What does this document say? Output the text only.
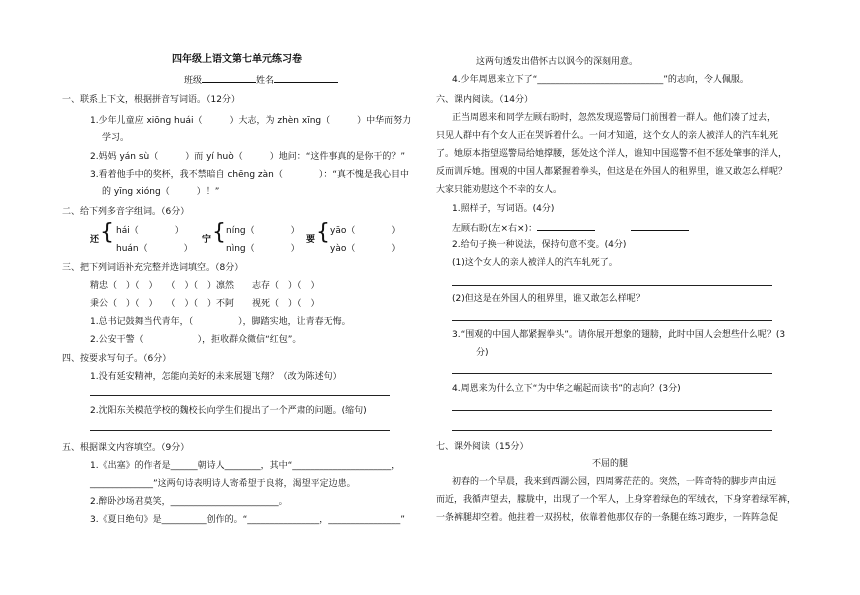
四年级上语文第七单元练习卷
班级	姓名
一、联系上下文，根据拼音写词语。（12分）
1.少年儿童应 xiōng huái（　　　）大志，为 zhèn xīng（　　　）中华而努力
学习。
2.妈妈 yán sù（　　　）而 yí huò（　　　）地问：“这件事真的是你干的？”
3.看着他手中的奖杯，我不禁暗自 chēng zàn（　　　　）：“真不愧是我心目中
的 yīng xióng（　　　）！”
二、给下列多音字组词。（6分）
还 { hái（　　　　）
huán（　　　　）
宁 { níng（　　　　）
nìng（　　　　）
要 { yāo（　　　　）
yào（　　　　）
三、把下列词语补充完整并选词填空。（8分）
精忠（　）（　）　　（　）（　）凛然　　志存（　）（　）
秉公（　）（　）　　（　）（　）不阿　　视死（　）（　）
1.总书记鼓舞当代青年，（　　　　　），脚踏实地，让青春无悔。
2.公安干警（　　　　　　），拒收群众微信“红包”。
四、按要求写句子。（6分）
1.没有延安精神，怎能向美好的未来展翅飞翔？（改为陈述句）
2.沈阳东关模范学校的魏校长向学生们提出了一个严肃的问题。(缩句)
五、根据课文内容填空。（9分）
1.《出塞》的作者是______朝诗人________，其中“______________________，
______________”这两句诗表明诗人寄希望于良将，渴望平定边患。
2.醉卧沙场君莫笑，________________________。
3.《夏日绝句》是__________创作的。“________________，________________”
这两句透发出借怀古以讽今的深刻用意。
4.少年周恩来立下了“____________________________”的志向，令人佩服。
六、课内阅读。（14分）
正当周恩来和同学左顾右盼时，忽然发现巡警局门前围着一群人。他们凑了过去，
只见人群中有个女人正在哭诉着什么。一问才知道，这个女人的亲人被洋人的汽车轧死
了。她原本指望巡警局给她撑腰，惩处这个洋人，谁知中国巡警不但不惩处肇事的洋人，
反而训斥她。围观的中国人都紧握着拳头，但这是在外国人的租界里，谁又敢怎么样呢？
大家只能劝慰这个不幸的女人。
1.照样子，写词语。(4分)
左顾右盼(左×右×)：
2.给句子换一种说法，保持句意不变。(4分)
(1)这个女人的亲人被洋人的汽车轧死了。
(2)但这是在外国人的租界里，谁又敢怎么样呢？
3.“围观的中国人都紧握拳头”。请你展开想象的翅膀，此时中国人会想些什么呢？(3
分)
4.周恩来为什么立下“为中华之崛起而读书”的志向？(3分)
七、课外阅读（15分）
不屈的腿
初春的一个早晨，我来到西湖公园，四周雾茫茫的。突然，一阵奇特的脚步声由远
而近，我循声望去，朦胧中，出现了一个军人，上身穿着绿色的军绒衣，下身穿着绿军裤，
一条裤腿却空着。他拄着一双拐杖，依靠着他那仅存的一条腿在练习跑步，一阵阵急促
